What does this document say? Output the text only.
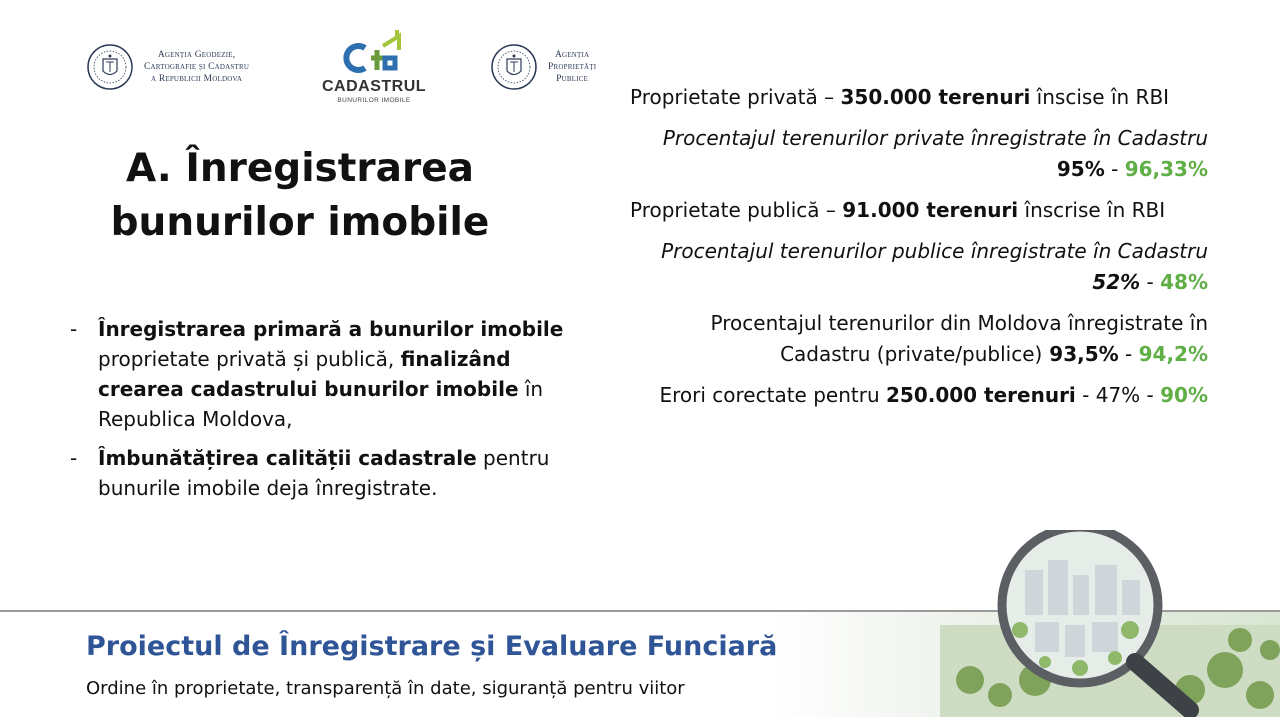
Agenția Geodezie,
Cartografie și Cadastru
a Republicii Moldova	CADASTRUL
BUNURILOR IMOBILE
Agenția
Proprietăți
Publice
A. Înregistrarea
bunurilor imobile
-	Înregistrarea primară a bunurilor imobile proprietate privată și publică, finalizând crearea cadastrului bunurilor imobile în Republica Moldova,
-	Îmbunătățirea calității cadastrale pentru bunurile imobile deja înregistrate.
Proprietate privată – 350.000 terenuri înscise în RBI
Procentajul terenurilor private înregistrate în Cadastru 95% - 96,33%
Proprietate publică – 91.000 terenuri înscrise în RBI
Procentajul terenurilor publice înregistrate în Cadastru 52% - 48%
Procentajul terenurilor din Moldova înregistrate în Cadastru (private/publice) 93,5% - 94,2%
Erori corectate pentru 250.000 terenuri - 47% - 90%
Proiectul de Înregistrare și Evaluare Funciară
Ordine în proprietate, transparență în date, siguranță pentru viitor
